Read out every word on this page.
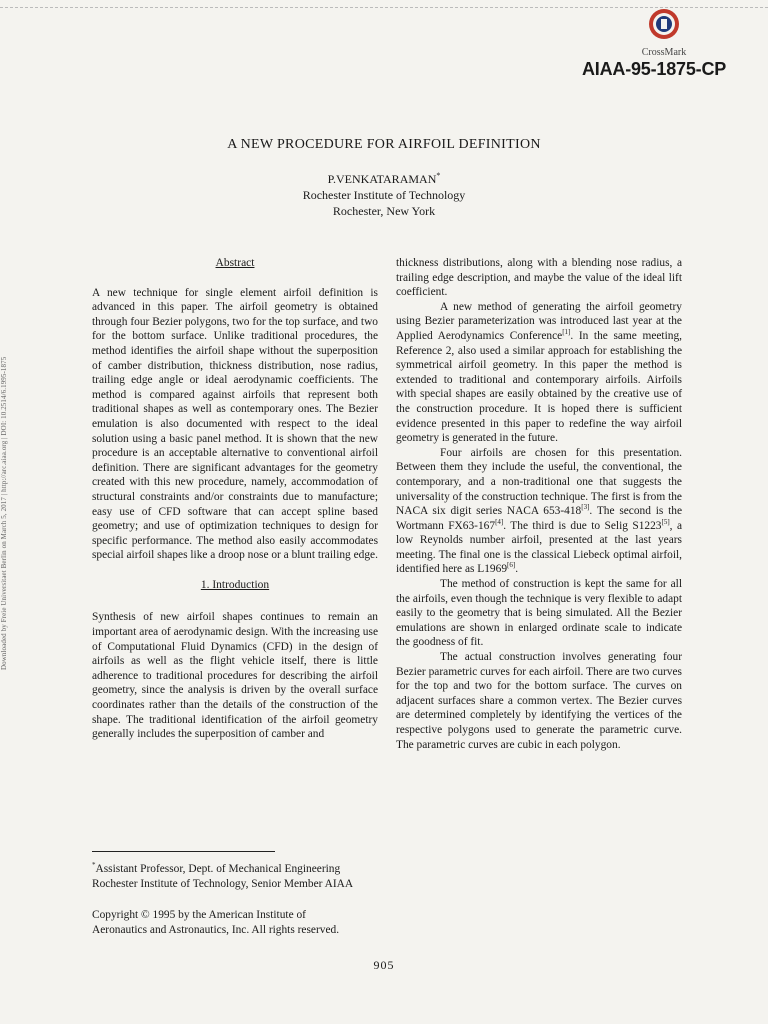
Downloaded by Freie Universitaet Berlin on March 5, 2017 | http://arc.aiaa.org | DOI: 10.2514/6.1995-1875
CrossMark
AIAA-95-1875-CP
A NEW PROCEDURE FOR AIRFOIL DEFINITION
P.VENKATARAMAN*
Rochester Institute of Technology
Rochester, New York

Abstract

A new technique for single element airfoil definition is advanced in this paper. The airfoil geometry is obtained through four Bezier polygons, two for the top surface, and two for the bottom surface. Unlike traditional procedures, the method identifies the airfoil shape without the superposition of camber distribution, thickness distribution, nose radius, trailing edge angle or ideal aerodynamic coefficients. The method is compared against airfoils that represent both traditional shapes as well as contemporary ones. The Bezier emulation is also documented with respect to the ideal solution using a basic panel method. It is shown that the new procedure is an acceptable alternative to conventional airfoil definition. There are significant advantages for the geometry created with this new procedure, namely, accommodation of structural constraints and/or constraints due to manufacture; easy use of CFD software that can accept spline based geometry; and use of optimization techniques to design for specific performance. The method also easily accommodates special airfoil shapes like a droop nose or a blunt trailing edge.

1. Introduction

Synthesis of new airfoil shapes continues to remain an important area of aerodynamic design. With the increasing use of Computational Fluid Dynamics (CFD) in the design of airfoils as well as the flight vehicle itself, there is little adherence to traditional procedures for describing the airfoil geometry, since the analysis is driven by the overall surface coordinates rather than the details of the construction of the shape. The traditional identification of the airfoil geometry generally includes the superposition of camber and

thickness distributions, along with a blending nose radius, a trailing edge description, and maybe the value of the ideal lift coefficient.

A new method of generating the airfoil geometry using Bezier parameterization was introduced last year at the Applied Aerodynamics Conference[1]. In the same meeting, Reference 2, also used a similar approach for establishing the symmetrical airfoil geometry. In this paper the method is extended to traditional and contemporary airfoils. Airfoils with special shapes are easily obtained by the creative use of the construction procedure. It is hoped there is sufficient evidence presented in this paper to redefine the way airfoil geometry is generated in the future.

Four airfoils are chosen for this presentation. Between them they include the useful, the conventional, the contemporary, and a non-traditional one that suggests the universality of the construction technique. The first is from the NACA six digit series NACA 653-418[3]. The second is the Wortmann FX63-167[4]. The third is due to Selig S1223[5], a low Reynolds number airfoil, presented at the last years meeting. The final one is the classical Liebeck optimal airfoil, identified here as L1969[6].

The method of construction is kept the same for all the airfoils, even though the technique is very flexible to adapt easily to the geometry that is being simulated. All the Bezier emulations are shown in enlarged ordinate scale to indicate the goodness of fit.

The actual construction involves generating four Bezier parametric curves for each airfoil. There are two curves for the top and two for the bottom surface. The curves on adjacent surfaces share a common vertex. The Bezier curves are determined completely by identifying the vertices of the respective polygons used to generate the parametric curve. The parametric curves are cubic in each polygon.

*Assistant Professor, Dept. of Mechanical Engineering
Rochester Institute of Technology, Senior Member AIAA
Copyright © 1995 by the American Institute of
Aeronautics and Astronautics, Inc. All rights reserved.
905
